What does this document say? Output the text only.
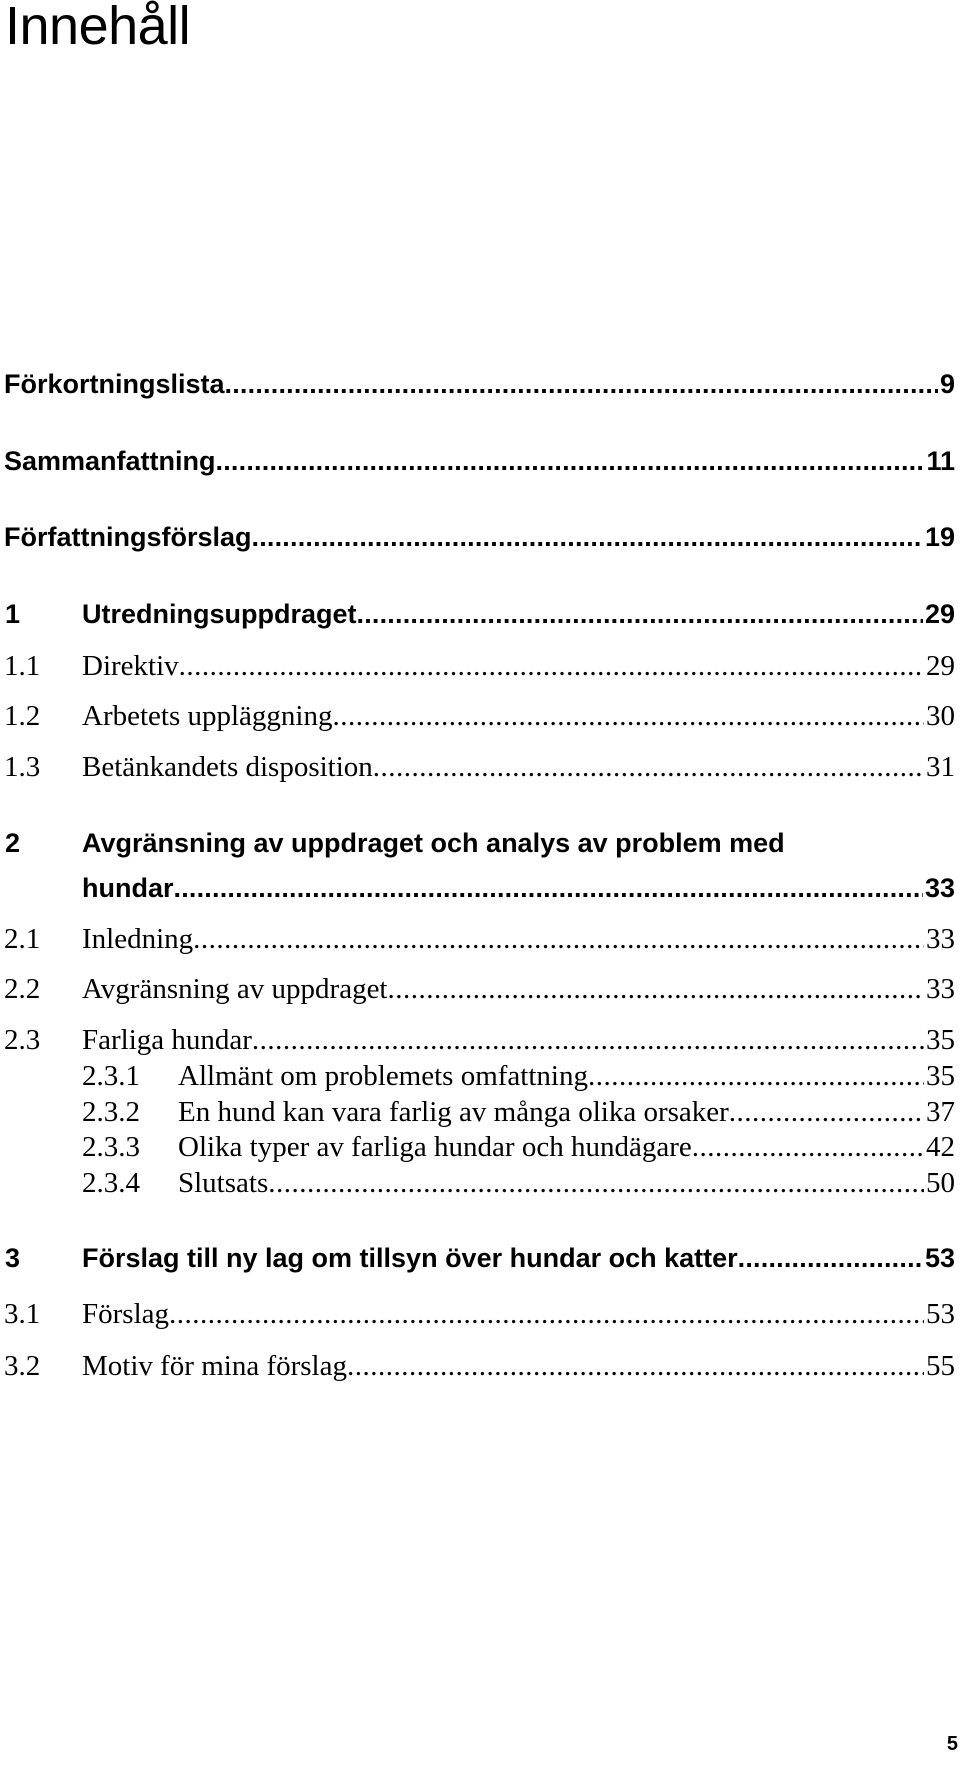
Innehåll
Förkortningslista .....	9
Sammanfattning .....	11
Författningsförslag .....	19
1 Utredningsuppdraget .....	29
1.1 Direktiv .....	29
1.2 Arbetets uppläggning .....	30
1.3 Betänkandets disposition .....	31
2 Avgränsning av uppdraget och analys av problem med
hundar .....	33
2.1 Inledning .....	33
2.2 Avgränsning av uppdraget .....	33
2.3 Farliga hundar .....	35
2.3.1 Allmänt om problemets omfattning .....	35
2.3.2 En hund kan vara farlig av många olika orsaker .....	37
2.3.3 Olika typer av farliga hundar och hundägare .....	42
2.3.4 Slutsats .....	50
3 Förslag till ny lag om tillsyn över hundar och katter .....	53
3.1 Förslag .....	53
3.2 Motiv för mina förslag .....	55
5
